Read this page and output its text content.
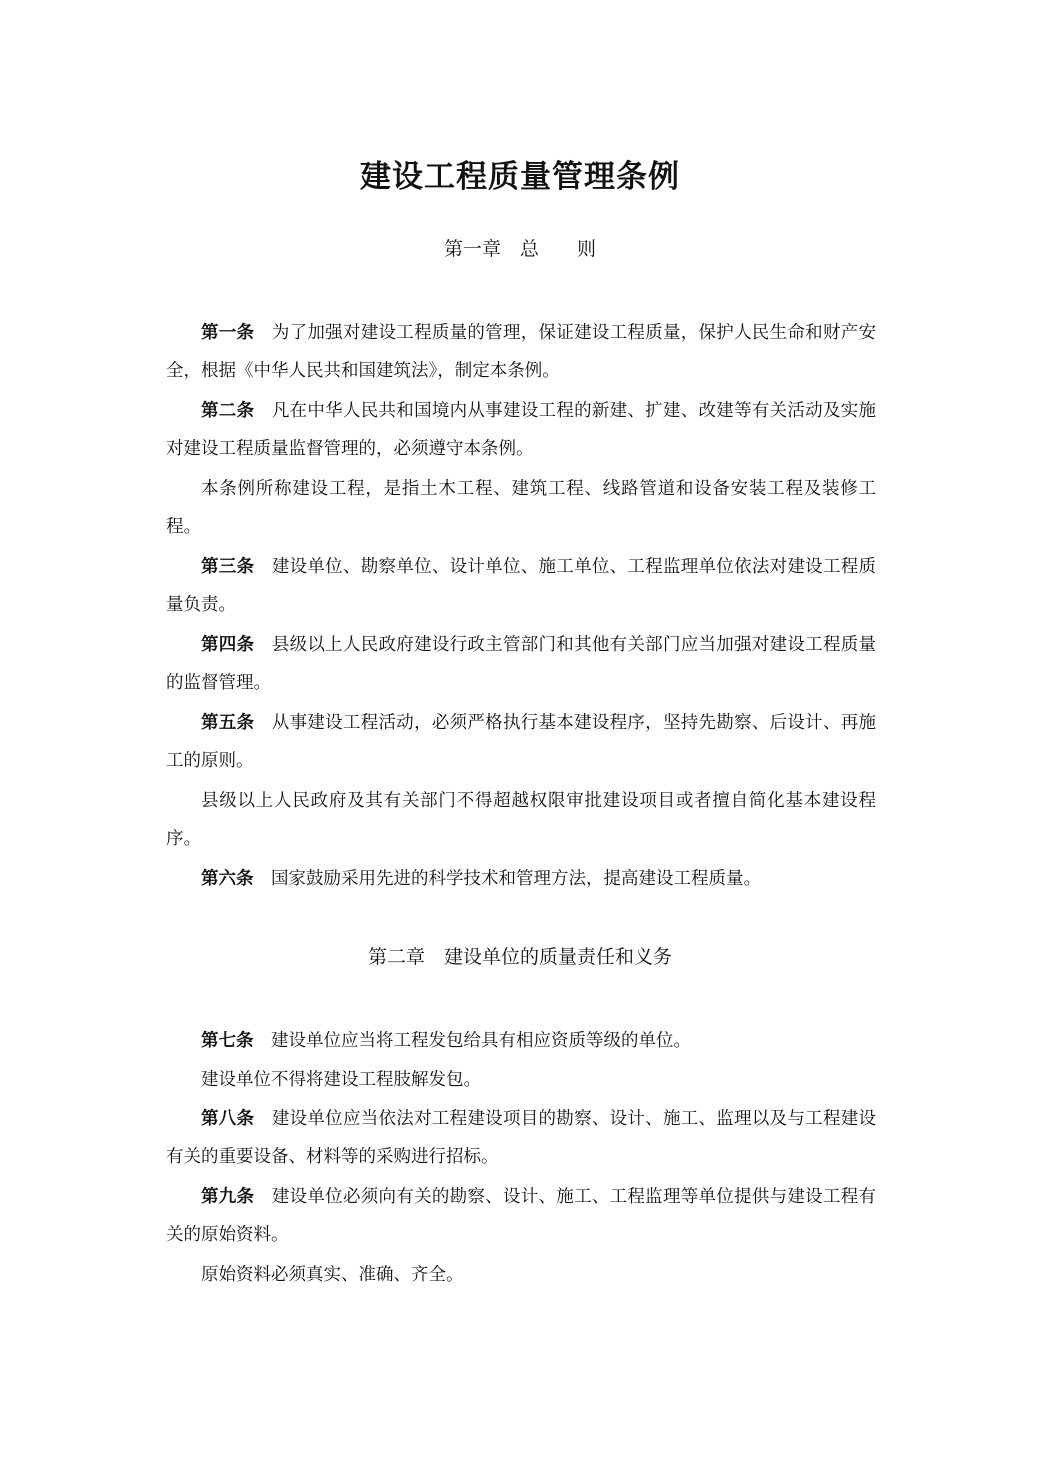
建设工程质量管理条例
第一章　总　　则

第一条 为了加强对建设工程质量的管理，保证建设工程质量，保护人民生命和财产安全，根据《中华人民共和国建筑法》，制定本条例。

第二条 凡在中华人民共和国境内从事建设工程的新建、扩建、改建等有关活动及实施对建设工程质量监督管理的，必须遵守本条例。

本条例所称建设工程，是指土木工程、建筑工程、线路管道和设备安装工程及装修工程。

第三条 建设单位、勘察单位、设计单位、施工单位、工程监理单位依法对建设工程质量负责。

第四条 县级以上人民政府建设行政主管部门和其他有关部门应当加强对建设工程质量的监督管理。

第五条 从事建设工程活动，必须严格执行基本建设程序，坚持先勘察、后设计、再施工的原则。

县级以上人民政府及其有关部门不得超越权限审批建设项目或者擅自简化基本建设程序。

第六条 国家鼓励采用先进的科学技术和管理方法，提高建设工程质量。

第二章　建设单位的质量责任和义务

第七条 建设单位应当将工程发包给具有相应资质等级的单位。

建设单位不得将建设工程肢解发包。

第八条 建设单位应当依法对工程建设项目的勘察、设计、施工、监理以及与工程建设有关的重要设备、材料等的采购进行招标。

第九条 建设单位必须向有关的勘察、设计、施工、工程监理等单位提供与建设工程有关的原始资料。

原始资料必须真实、准确、齐全。
